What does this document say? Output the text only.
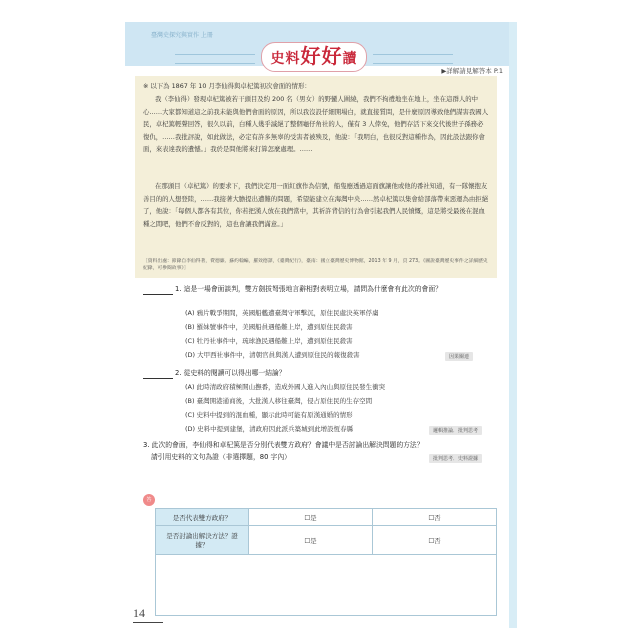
臺灣史探究與實作 上冊
史料好好讀
▶詳解請見解答本 P.1

※ 以下為 1867 年 10 月李仙得與卓杞篤初次會面的情形：

我（李仙得）發現卓杞篤被若干頭目及約 200 名（男女）的野蠻人圍繞，我們不拘禮地坐在地上，坐在這群人的中心……大家都知道這之前我未能與他們會面的原因，所以我沒設仔細開場白，就直接質問，是什麼原因導致他們謀害我國人民，卓杞篤輕聲回答，很久以前，白種人幾乎滅絕了整個龜仔角社的人，僅有 3 人倖免，他們存活下來交代後世子孫務必復仇，……我批評說，如此做法，必定有許多無辜的受害者被殃及，他說：「我明白，也很反對這種作為，因此設法跟你會面，來表達我的遺憾。」我於是問他將來打算怎麼處理。……

在那頭目（卓杞篤）的要求下，我們決定用一面紅旗作為信號，船隻應透過這面旗讓他或他的番社知道，有一隊懷抱友善目的的人想登陸，……我接著大膽提出遭難的問題，希望能建立在海灣中央……然卓杞篤以集會給部落帶來惡運為由拒絕了，他說：「每個人都各有其位，你若把漢人放在我們當中，其祈許背信的行為會引起我們人民憤慨，這是將受最後在混血種之間吧，他們不會反對的，這也會讓我們滿意。」

［資料出處：節錄自李仙得著，費德廉、蘇約翰編，羅效德譯，《臺灣紀行》，臺南：國立臺灣歷史博物館，2013 年 9 月，頁 273。《圖說臺灣歷史事件之詳細歷史紀錄，可參閱故事》］

1. 這是一場會面談判，雙方劍拔弩張地言辭相對表明立場，請問為什麼會有此次的會面？
(A) 鴉片戰爭期間，英國船艦遭臺灣守軍擊沉，原住民處決英軍俘虜
(B) 羅妹號事件中，美國船員遇船難上岸，遭到原住民殺害
(C) 牡丹社事件中，琉球漁民遇船難上岸，遭到原住民殺害
(D) 大甲西社事件中，清朝官員與漢人遭到原住民的報復殺害	因果關連
2. 從史料的閱讀可以得出哪一結論？
(A) 此時清政府積極開山撫番，造成外國人進入內山與原住民發生衝突
(B) 臺灣開港通商後，大批漢人移往臺灣，侵占原住民的生存空間
(C) 史料中提到的混血種，顯示此時可能有原漢通婚的情形
(D) 史料中提到建堡，清政府因此派兵築城到此增設恆春縣	邏輯推論．批判思考
3. 此次的會面，李仙得和卓杞篤是否分別代表雙方政府？會議中是否討論出解決問題的方法？
請引用史料的文句為證（非選擇題，80 字內）	批判思考．史料證據
答
是否代表雙方政府？	☐是	☐否
是否討論出解決方法？證據？	☐是	☐否

14
